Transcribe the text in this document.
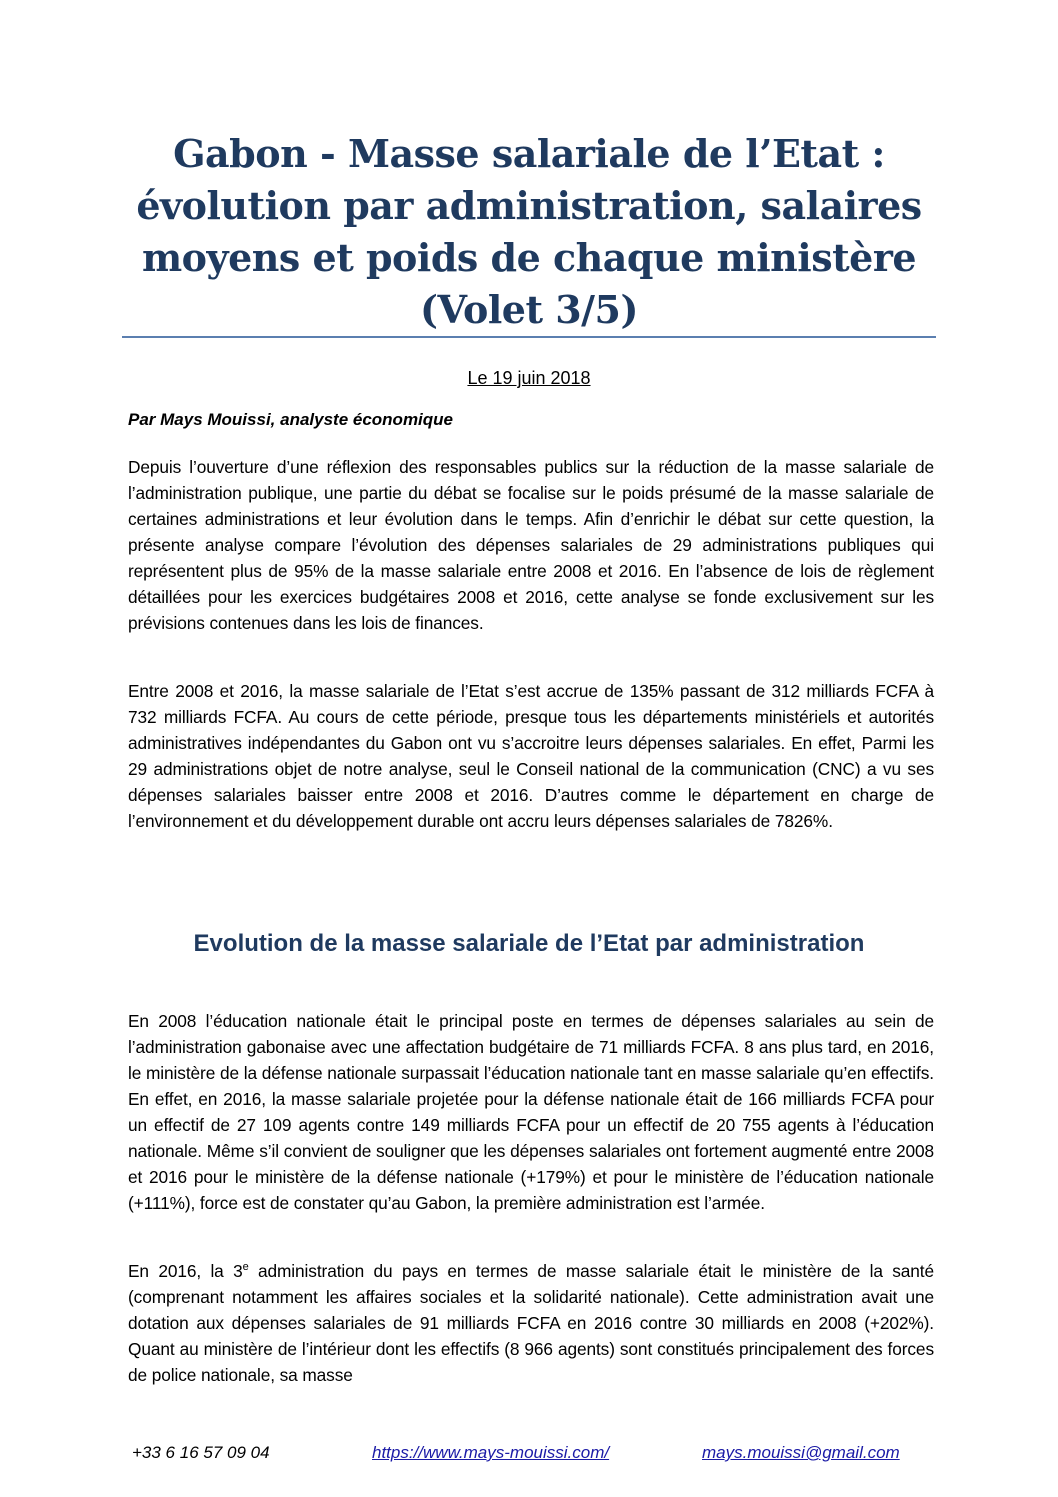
Gabon - Masse salariale de l’Etat : évolution par administration, salaires moyens et poids de chaque ministère (Volet 3/5)
Le 19 juin 2018
Par Mays Mouissi, analyste économique

Depuis l’ouverture d’une réflexion des responsables publics sur la réduction de la masse salariale de l’administration publique, une partie du débat se focalise sur le poids présumé de la masse salariale de certaines administrations et leur évolution dans le temps. Afin d’enrichir le débat sur cette question, la présente analyse compare l’évolution des dépenses salariales de 29 administrations publiques qui représentent plus de 95% de la masse salariale entre 2008 et 2016. En l’absence de lois de règlement détaillées pour les exercices budgétaires 2008 et 2016, cette analyse se fonde exclusivement sur les prévisions contenues dans les lois de finances.

Entre 2008 et 2016, la masse salariale de l’Etat s’est accrue de 135% passant de 312 milliards FCFA à 732 milliards FCFA. Au cours de cette période, presque tous les départements ministériels et autorités administratives indépendantes du Gabon ont vu s’accroitre leurs dépenses salariales. En effet, Parmi les 29 administrations objet de notre analyse, seul le Conseil national de la communication (CNC) a vu ses dépenses salariales baisser entre 2008 et 2016. D’autres comme le département en charge de l’environnement et du développement durable ont accru leurs dépenses salariales de 7826%.

Evolution de la masse salariale de l’Etat par administration

En 2008 l’éducation nationale était le principal poste en termes de dépenses salariales au sein de l’administration gabonaise avec une affectation budgétaire de 71 milliards FCFA. 8 ans plus tard, en 2016, le ministère de la défense nationale surpassait l’éducation nationale tant en masse salariale qu’en effectifs. En effet, en 2016, la masse salariale projetée pour la défense nationale était de 166 milliards FCFA pour un effectif de 27 109 agents contre 149 milliards FCFA pour un effectif de 20 755 agents à l’éducation nationale. Même s’il convient de souligner que les dépenses salariales ont fortement augmenté entre 2008 et 2016 pour le ministère de la défense nationale (+179%) et pour le ministère de l’éducation nationale (+111%), force est de constater qu’au Gabon, la première administration est l’armée.

En 2016, la 3e administration du pays en termes de masse salariale était le ministère de la santé (comprenant notamment les affaires sociales et la solidarité nationale). Cette administration avait une dotation aux dépenses salariales de 91 milliards FCFA en 2016 contre 30 milliards en 2008 (+202%). Quant au ministère de l’intérieur dont les effectifs (8 966 agents) sont constitués principalement des forces de police nationale, sa masse

+33 6 16 57 09 04	https://www.mays-mouissi.com/	mays.mouissi@gmail.com
